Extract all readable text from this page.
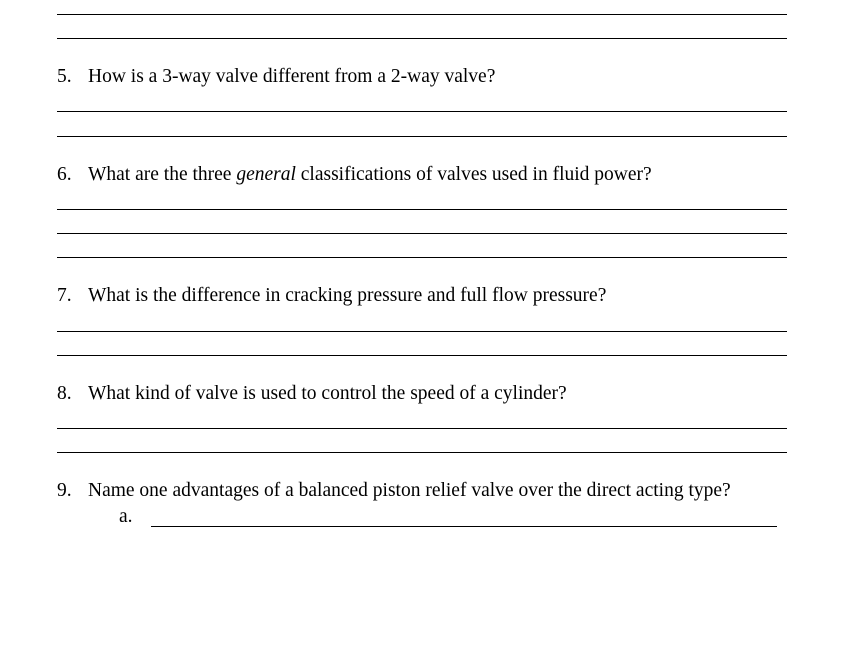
5. How is a 3-way valve different from a 2-way valve?
6. What are the three general classifications of valves used in fluid power?
7. What is the difference in cracking pressure and full flow pressure?
8. What kind of valve is used to control the speed of a cylinder?
9. Name one advantages of a balanced piston relief valve over the direct acting type?
a.
